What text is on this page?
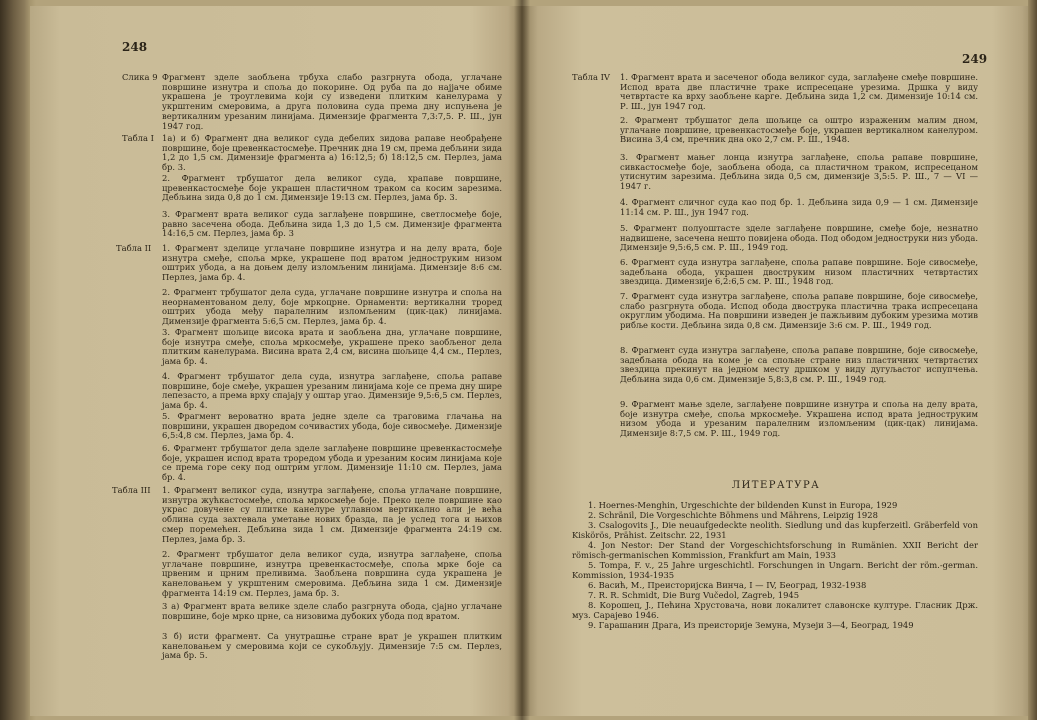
248
Слика 9 Фрагмент зделе заобљена трбуха слабо разгрнута обода, углачане површине изнутра и споља до покорине. Од руба па до најјаче обиме украшена је троуглевима који су изведени плитким канелурама у укрштеним смеровима, а друга половина суда према дну испуњена је вертикалним урезаним линијама. Димензије фрагмента 7,3:7,5. Р. Ш., јун 1947 год.
Табла I 1а) и б) Фрагмент дна великог суда дебелих зидова рапаве необрађене површине, боје цревенкастосмеђе. Пречник дна 19 см, према дебљини зида 1,2 до 1,5 см. Димензије фрагмента а) 16:12,5; б) 18:12,5 см. Перлез, јама бр. 3.
2. Фрагмент трбушатог дела великог суда, храпаве површине, цревенкастосмеђе боје украшен пластичном траком са косим зарезима. Дебљина зида 0,8 до 1 см. Димензије 19:13 см. Перлез, јама бр. 3.
3. Фрагмент врата великог суда заглађене површине, светлосмеђе боје, равно засечена обода. Дебљина зида 1,3 до 1,5 см. Димензије фрагмента 14:16,5 см. Перлез, јама бр. 3
Табла II 1. Фрагмент зделице углачане површине изнутра и на делу врата, боје изнутра смеђе, споља мрке, украшене под вратом једноструким низом оштрих убода, а на доњем делу изломљеним линијама. Димензије 8:6 см. Перлез, јама бр. 4.
2. Фрагмент трбушатог дела суда, углачане површине изнутра и споља на неорнаментованом делу, боје мркоцрне. Орнаменти: вертикални троред оштрих убода међу паралелним изломљеним (цик-цак) линијама. Димензије фрагмента 5:6,5 см. Перлез, јама бр. 4.
3. Фрагмент шољице висока врата и заобљена дна, углачане површине, боје изнутра смеђе, споља мркосмеђе, украшене преко заобљеног дела плитким канелурама. Висина врата 2,4 см, висина шољице 4,4 см., Перлез, јама бр. 4.
4. Фрагмент трбушатог дела суда, изнутра заглађене, споља рапаве површине, боје смеђе, украшен урезаним линијама које се према дну шире лепезасто, а према врху спајају у оштар угао. Димензије 9,5:6,5 см. Перлез, јама бр. 4.
5. Фрагмент вероватно врата једне зделе са траговима глачања на површини, украшен двоpедом сочивастих убода, боје сивосмеђе. Димензије 6,5:4,8 см. Перлез, јама бр. 4.
6. Фрагмент трбушатог дела зделе заглађене површине цревенкастосмеђе боје, украшен испод врата троредом убода и урезаним косим линијама које се према горе секу под оштрим углом. Димензије 11:10 см. Перлез, јама бр. 4.
Табла III 1. Фрагмент великог суда, изнутра заглађене, споља углачане површине, изнутра жућкастосмеђе, споља мркосмеђе боје. Преко целе површине као украс довучене су плитке канелуре углавном вертикално али је већа облина суда захтевала уметање нових бразда, па је услед тога и њихов смер поремећен. Дебљина зида 1 см. Димензије фрагмента 24:19 см. Перлез, јама бр. 3.
2. Фрагмент трбушатог дела великог суда, изнутра заглађене, споља углачане површине, изнутра цревенкастосмеђе, споља мрке боје са црвеним и црним преливима. Заобљена површина суда украшена је канеловањем у укрштеним смеровима. Дебљина зида 1 см. Димензије фрагмента 14:19 см. Перлез, јама бр. 3.
3 а) Фрагмент врата велике зделе слабо разгрнута обода, сјајно углачане површине, боје мрко црне, са низовима дубоких убода под вратом.
3 б) исти фрагмент. Са унутрашње стране врат је украшен плитким канеловањем у смеровима који се сукобљују. Димензије 7:5 см. Перлез, јама бр. 5.
249
Табла IV 1. Фрагмент врата и засеченог обода великог суда, заглађене смеђе површине. Испод врата две пластичне траке испресецане урезима. Дршка у виду четвртасте ка врху заобљене карге. Дебљина зида 1,2 см. Димензије 10:14 см. Р. Ш., јун 1947 год.
2. Фрагмент трбушатог дела шољице са оштро израженим малим дном, углачане површине, цревенкастосмеђе боје, украшен вертикалном канелуром. Висина 3,4 см, пречник дна око 2,7 см. Р. Ш., 1948.
3. Фрагмент мањег лонца изнутра заглађене, споља рапаве површине, сивкастосмеђе боје, заобљена обода, са пластичном траком, испресецаном утиснутим зарезима. Дебљина зида 0,5 см, димензије 3,5:5. Р. Ш., 7 — VI — 1947 г.
4. Фрагмент сличног суда као под бр. 1. Дебљина зида 0,9 — 1 см. Димензије 11:14 см. Р. Ш., јун 1947 год.
5. Фрагмент полуоштасте зделе заглађене површине, смеђе боје, незнатно надвишене, засечена нешто повијена обода. Под ободом једноструки низ убода. Димензије 9,5:6,5 см. Р. Ш., 1949 год.
6. Фрагмент суда изнутра заглађене, споља рапаве површине. Боје сивосмеђе, задебљана обода, украшен двоструким низом пластичних четвртастих звездица. Димензије 6,2:6,5 см. Р. Ш., 1948 год.
7. Фрагмент суда изнутра заглађене, споља рапаве површине, боје сивосмеђе, слабо разгрнута обода. Испод обода двострука пластична трака испресецана округлим убодима. На површини изведен је пажљивим дубоким урезима мотив рибље кости. Дебљина зида 0,8 см. Димензије 3:6 см. Р. Ш., 1949 год.
8. Фрагмент суда изнутра заглађене, споља рапаве површине, боје сивосмеђе, задебљана обода на коме је са спољне стране низ пластичних четвртастих звездица прекинут на једном месту дршком у виду дугуљастог испупчења. Дебљина зида 0,6 см. Димензије 5,8:3,8 см. Р. Ш., 1949 год.
9. Фрагмент мање зделе, заглађене површине изнутра и споља на делу врата, боје изнутра смеђе, споља мркосмеђе. Украшена испод врата једноструким низом убода и урезаним паралелним изломљеним (цик-цак) линијама. Димензије 8:7,5 см. Р. Ш., 1949 год.
ЛИТЕРАТУРА
1. Hoernes-Menghin, Urgeschichte der bildenden Kunst in Europa, 1929
2. Schränil, Die Vorgeschichte Böhmens und Mährens, Leipzig 1928
3. Csalogovits J., Die neuaufgedeckte neolith. Siedlung und das kupferzeitl. Gräberfeld von Kiskörös, Prähist. Zeitschr. 22, 1931
4. Jon Nestor: Der Stand der Vorgeschichtsforschung in Rumänien. XXII Bericht der römisch-germanischen Kommission, Frankfurt am Main, 1933
5. Tompa, F. v., 25 Jahre urgeschichtl. Forschungen in Ungarn. Bericht der röm.-german. Kommission, 1934-1935
6. Васић, М., Преисторијска Винча, I — IV, Београд, 1932-1938
7. R. R. Schmidt, Die Burg Vučedol, Zagreb, 1945
8. Корошец, J., Пећина Хрустовача, нови локалитет славонске културе. Гласник Држ. муз. Сарајево 1946.
9. Гарашанин Драга, Из преисторије Земуна, Музеји 3—4, Београд, 1949
